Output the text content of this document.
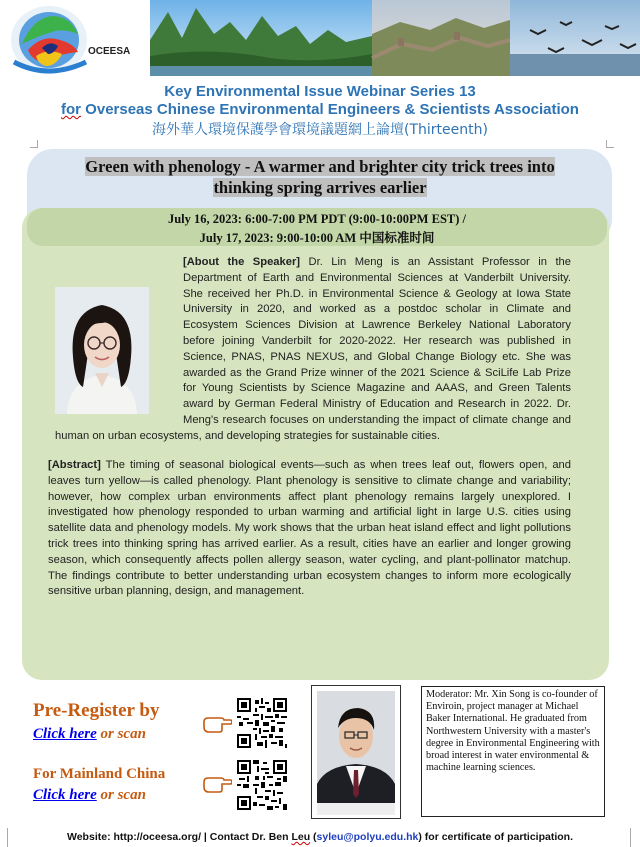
OCEESA
Key Environmental Issue Webinar Series 13
for Overseas Chinese Environmental Engineers & Scientists Association
海外華人環境保護學會環境議題網上論壇(Thirteenth)
Green with phenology - A warmer and brighter city trick trees into
thinking spring arrives earlier
July 16, 2023: 6:00-7:00 PM PDT (9:00-10:00PM EST) /
July 17, 2023: 9:00-10:00 AM 中国标准时间
[About the Speaker] Dr. Lin Meng is an Assistant Professor in the Department of Earth and Environmental Sciences at Vanderbilt University. She received her Ph.D. in Environmental Science & Geology at Iowa State University in 2020, and worked as a postdoc scholar in Climate and Ecosystem Sciences Division at Lawrence Berkeley National Laboratory before joining Vanderbilt for 2020-2022. Her research was published in Science, PNAS, PNAS NEXUS, and Global Change Biology etc. She was awarded as the Grand Prize winner of the 2021 Science & SciLife Lab Prize for Young Scientists by Science Magazine and AAAS, and Green Talents award by German Federal Ministry of Education and Research in 2022. Dr. Meng's research focuses on understanding the impact of climate change and human on urban ecosystems, and developing strategies for sustainable cities.
[Abstract] The timing of seasonal biological events—such as when trees leaf out, flowers open, and leaves turn yellow—is called phenology. Plant phenology is sensitive to climate change and variability; however, how complex urban environments affect plant phenology remains largely unexplored. I investigated how phenology responded to urban warming and artificial light in large U.S. cities using satellite data and phenology models. My work shows that the urban heat island effect and light pollutions trick trees into thinking spring has arrived earlier. As a result, cities have an earlier and longer growing season, which consequently affects pollen allergy season, water cycling, and plant-pollinator matchup. The findings contribute to better understanding urban ecosystem changes to inform more ecologically sensitive urban planning, design, and management.
Pre-Register by
Click here or scan
For Mainland China
Click here or scan
Moderator: Mr. Xin Song is co-founder of Enviroin, project manager at Michael Baker International. He graduated from Northwestern University with a master's degree in Environmental Engineering with broad interest in water environmental & machine learning sciences.
Website: http://oceesa.org/ | Contact Dr. Ben Leu (syleu@polyu.edu.hk) for certificate of participation.
